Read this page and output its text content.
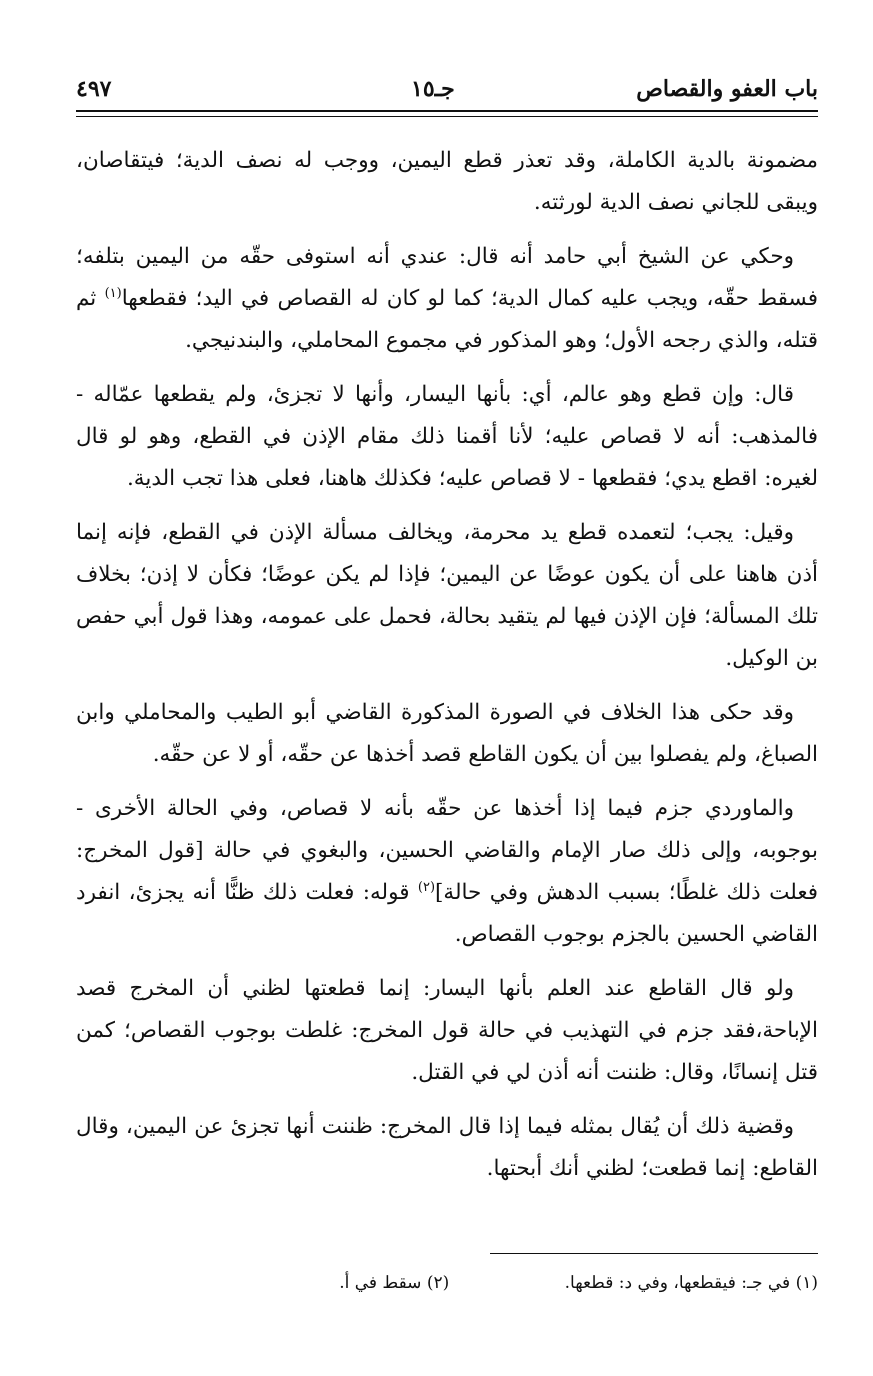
باب العفو والقصاص
جـ١٥
٤٩٧

مضمونة بالدية الكاملة، وقد تعذر قطع اليمين، ووجب له نصف الدية؛ فيتقاصان، ويبقى للجاني نصف الدية لورثته.

وحكي عن الشيخ أبي حامد أنه قال: عندي أنه استوفى حقّه من اليمين بتلفه؛ فسقط حقّه، ويجب عليه كمال الدية؛ كما لو كان له القصاص في اليد؛ فقطعها$^{(١)}$ ثم قتله، والذي رجحه الأول؛ وهو المذكور في مجموع المحاملي، والبندنيجي.

قال: وإن قطع وهو عالم، أي: بأنها اليسار، وأنها لا تجزئ، ولم يقطعها عمّاله - فالمذهب: أنه لا قصاص عليه؛ لأنا أقمنا ذلك مقام الإذن في القطع، وهو لو قال لغيره: اقطع يدي؛ فقطعها - لا قصاص عليه؛ فكذلك هاهنا، فعلى هذا تجب الدية.

وقيل: يجب؛ لتعمده قطع يد محرمة، ويخالف مسألة الإذن في القطع، فإنه إنما أذن هاهنا على أن يكون عوضًا عن اليمين؛ فإذا لم يكن عوضًا؛ فكأن لا إذن؛ بخلاف تلك المسألة؛ فإن الإذن فيها لم يتقيد بحالة، فحمل على عمومه، وهذا قول أبي حفص بن الوكيل.

وقد حكى هذا الخلاف في الصورة المذكورة القاضي أبو الطيب والمحاملي وابن الصباغ، ولم يفصلوا بين أن يكون القاطع قصد أخذها عن حقّه، أو لا عن حقّه.

والماوردي جزم فيما إذا أخذها عن حقّه بأنه لا قصاص، وفي الحالة الأخرى - بوجوبه، وإلى ذلك صار الإمام والقاضي الحسين، والبغوي في حالة [قول المخرج: فعلت ذلك غلطًا؛ بسبب الدهش وفي حالة]$^{(٢)}$ قوله: فعلت ذلك ظنًّا أنه يجزئ، انفرد القاضي الحسين بالجزم بوجوب القصاص.

ولو قال القاطع عند العلم بأنها اليسار: إنما قطعتها لظني أن المخرج قصد الإباحة،فقد جزم في التهذيب في حالة قول المخرج: غلطت بوجوب القصاص؛ كمن قتل إنسانًا، وقال: ظننت أنه أذن لي في القتل.

وقضية ذلك أن يُقال بمثله فيما إذا قال المخرج: ظننت أنها تجزئ عن اليمين، وقال القاطع: إنما قطعت؛ لظني أنك أبحتها.

(١) في جـ: فيقطعها، وفي د: قطعها. (٢) سقط في أ.
